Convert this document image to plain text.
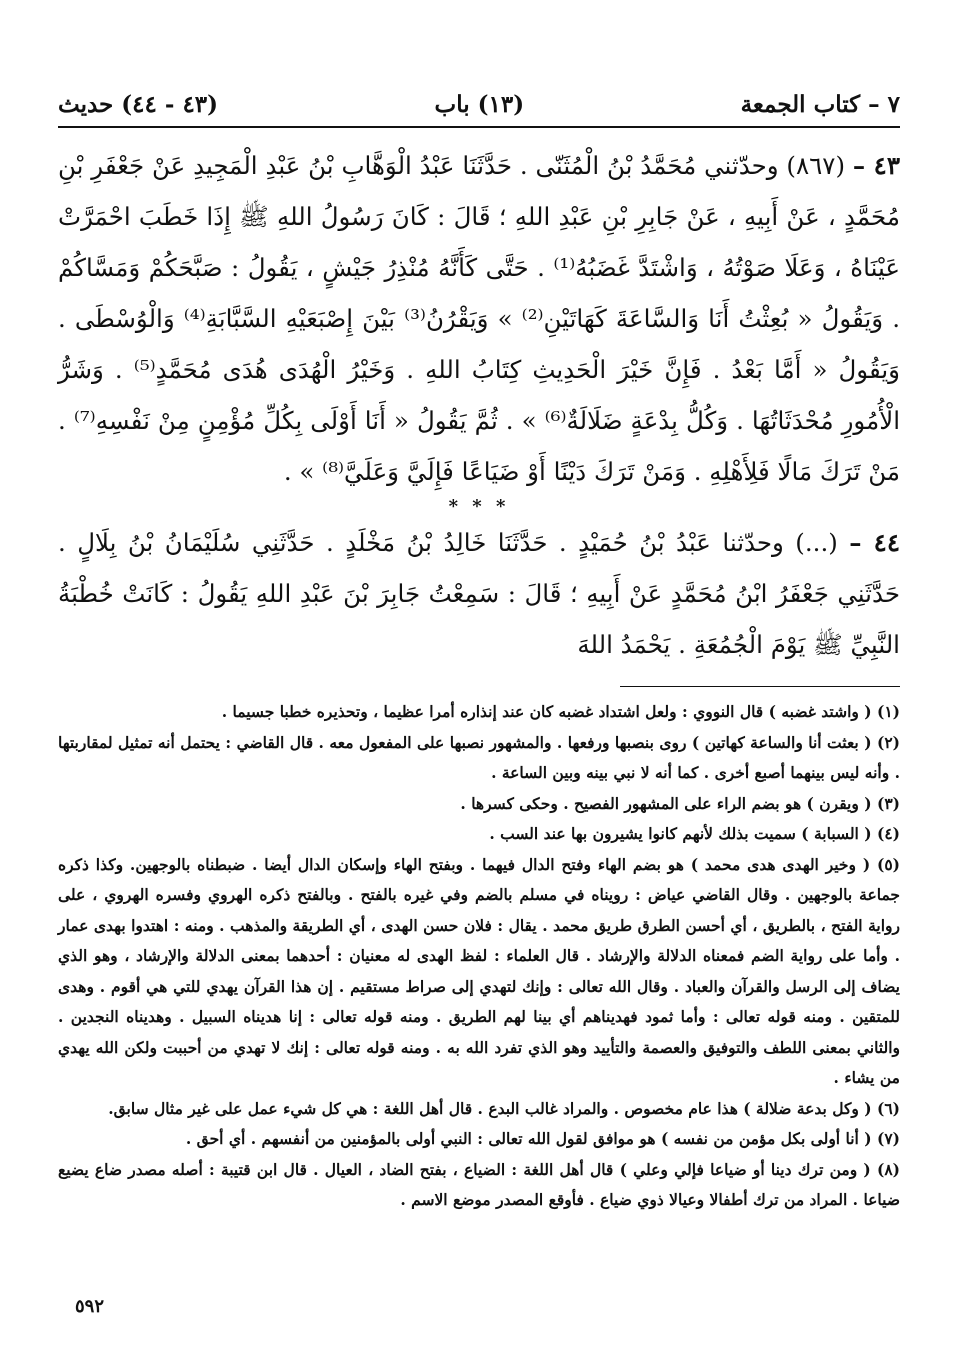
٧ – كتاب الجمعة
(١٣) باب
(٤٣ - ٤٤) حديث

٤٣ – (٨٦٧) وحدّثني مُحَمَّدُ بْنُ الْمُثَنّى . حَدَّثَنَا عَبْدُ الْوَهَّابِ بْنُ عَبْدِ الْمَجِيدِ عَنْ جَعْفَرِ بْنِ مُحَمَّدٍ ، عَنْ أَبِيهِ ، عَنْ جَابِرِ بْنِ عَبْدِ اللهِ ؛ قَالَ : كَانَ رَسُولُ اللهِ ﷺ إِذَا خَطَبَ احْمَرَّتْ عَيْنَاهُ ، وَعَلَا صَوْتُهُ ، وَاشْتَدَّ غَضَبُهُ⁽¹⁾ . حَتَّى كَأَنَّهُ مُنْذِرُ جَيْشٍ ، يَقُولُ : صَبَّحَكُمْ وَمَسَّاكُمْ . وَيَقُولُ « بُعِثْتُ أَنَا وَالسَّاعَةَ كَهَاتَيْنِ⁽²⁾ » وَيَقْرُنُ⁽³⁾ بَيْنَ إِصْبَعَيْهِ السَّبَّابَةِ⁽⁴⁾ وَالْوُسْطَى . وَيَقُولُ « أَمَّا بَعْدُ . فَإِنَّ خَيْرَ الْحَدِيثِ كِتَابُ اللهِ . وَخَيْرُ الْهُدَى هُدَى مُحَمَّدٍ⁽⁵⁾ . وَشَرُّ الْأُمُورِ مُحْدَثَاتُهَا . وَكُلُّ بِدْعَةٍ ضَلَالَةٌ⁽⁶⁾ » . ثُمَّ يَقُولُ « أَنَا أَوْلَى بِكُلِّ مُؤْمِنٍ مِنْ نَفْسِهِ⁽⁷⁾ . مَنْ تَرَكَ مَالًا فَلِأَهْلِهِ . وَمَنْ تَرَكَ دَيْنًا أَوْ ضَيَاعًا فَإِلَيَّ وَعَلَيَّ⁽⁸⁾ » .

* * *

٤٤ – (...) وحدّثنا عَبْدُ بْنُ حُمَيْدٍ . حَدَّثَنَا خَالِدُ بْنُ مَخْلَدٍ . حَدَّثَنِي سُلَيْمَانُ بْنُ بِلَالٍ . حَدَّثَنِي جَعْفَرُ ابْنُ مُحَمَّدٍ عَنْ أَبِيهِ ؛ قَالَ : سَمِعْتُ جَابِرَ بْنَ عَبْدِ اللهِ يَقُولُ : كَانَتْ خُطْبَةُ النَّبِيِّ ﷺ يَوْمَ الْجُمُعَةِ . يَحْمَدُ اللهَ

(١) ( واشتد غضبه ) قال النووي : ولعل اشتداد غضبه كان عند إنذاره أمرا عظيما ، وتحذيره خطبا جسيما .

(٢) ( بعثت أنا والساعة كهاتين ) روى بنصبها ورفعها . والمشهور نصبها على المفعول معه . قال القاضي : يحتمل أنه تمثيل لمقاربتها . وأنه ليس بينهما أصبع أخرى . كما أنه لا نبي بينه وبين الساعة .

(٣) ( ويقرن ) هو بضم الراء على المشهور الفصيح . وحكى كسرها .

(٤) ( السبابة ) سميت بذلك لأنهم كانوا يشيرون بها عند السب .

(٥) ( وخير الهدى هدى محمد ) هو بضم الهاء وفتح الدال فيهما . وبفتح الهاء وإسكان الدال أيضا . ضبطناه بالوجهين. وكذا ذكره جماعة بالوجهين . وقال القاضي عياض : رويناه في مسلم بالضم وفي غيره بالفتح . وبالفتح ذكره الهروي وفسره الهروي ، على رواية الفتح ، بالطريق ، أي أحسن الطرق طريق محمد . يقال : فلان حسن الهدى ، أي الطريقة والمذهب . ومنه : اهتدوا بهدى عمار . وأما على رواية الضم فمعناه الدلالة والإرشاد . قال العلماء : لفظ الهدى له معنيان : أحدهما بمعنى الدلالة والإرشاد ، وهو الذي يضاف إلى الرسل والقرآن والعباد . وقال الله تعالى : وإنك لتهدي إلى صراط مستقيم . إن هذا القرآن يهدي للتي هي أقوم . وهدى للمتقين . ومنه قوله تعالى : وأما ثمود فهديناهم أي بينا لهم الطريق . ومنه قوله تعالى : إنا هديناه السبيل . وهديناه النجدين . والثاني بمعنى اللطف والتوفيق والعصمة والتأييد وهو الذي تفرد الله به . ومنه قوله تعالى : إنك لا تهدي من أحببت ولكن الله يهدي من يشاء .

(٦) ( وكل بدعة ضلالة ) هذا عام مخصوص . والمراد غالب البدع . قال أهل اللغة : هي كل شيء عمل على غير مثال سابق.

(٧) ( أنا أولى بكل مؤمن من نفسه ) هو موافق لقول الله تعالى : النبي أولى بالمؤمنين من أنفسهم . أي أحق .

(٨) ( ومن ترك دينا أو ضياعا فإلي وعلي ) قال أهل اللغة : الضياع ، بفتح الضاد ، العيال . قال ابن قتيبة : أصله مصدر ضاع يضيع ضياعا . المراد من ترك أطفالا وعيالا ذوي ضياع . فأوقع المصدر موضع الاسم .

٥٩٢
